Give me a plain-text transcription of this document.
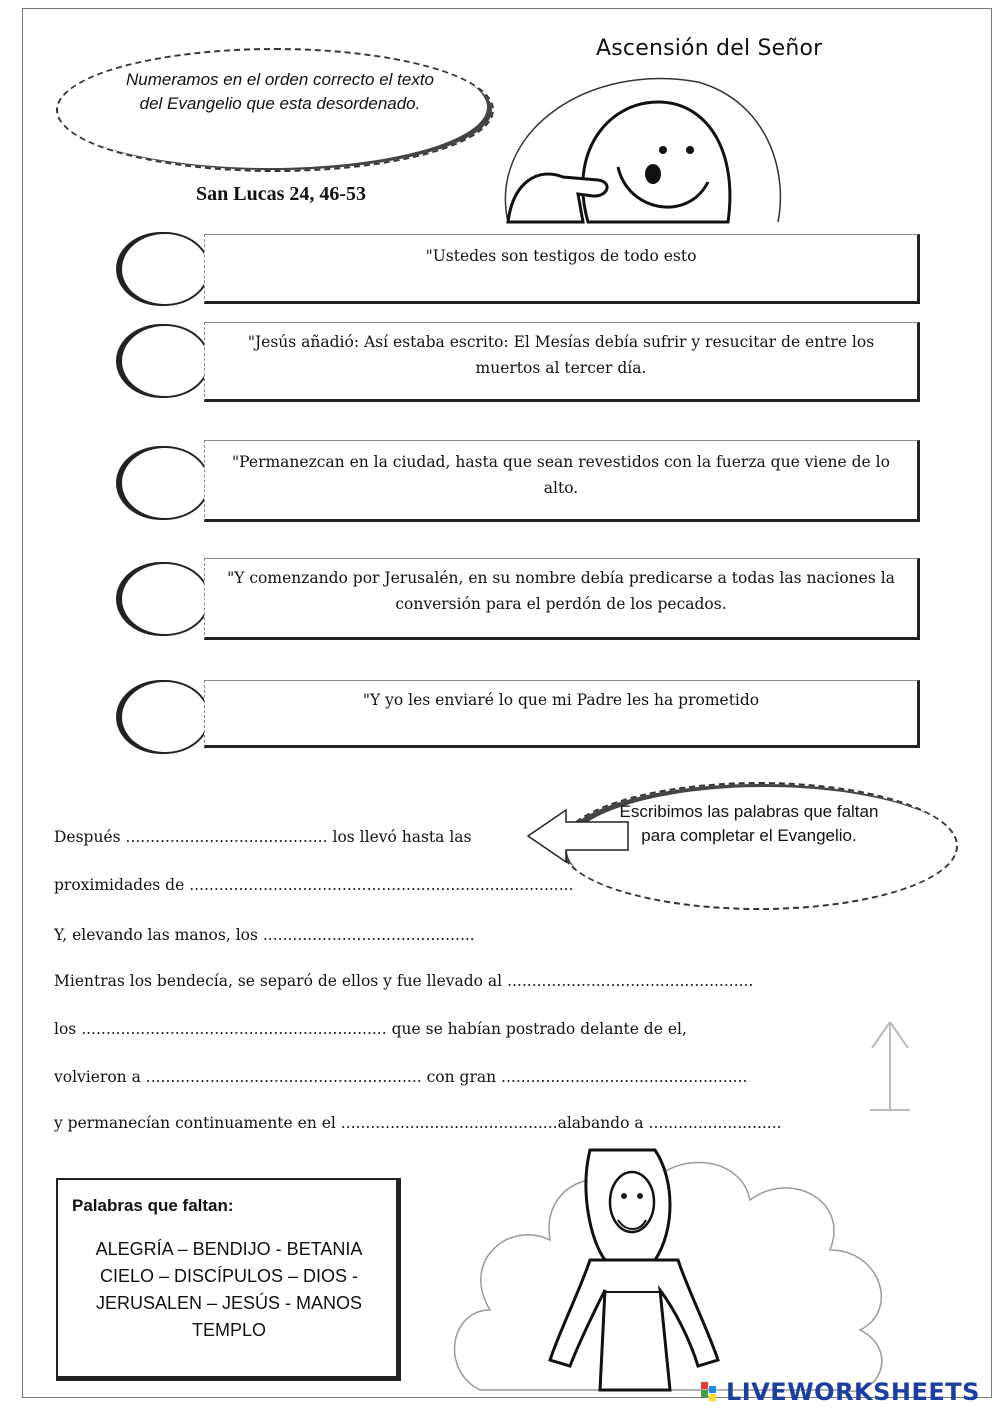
Ascensión del Señor
Numeramos en el orden correcto el texto del Evangelio que esta desordenado.
San Lucas 24, 46-53
"Ustedes son testigos de todo esto
"Jesús añadió: Así estaba escrito: El Mesías debía sufrir y resucitar de entre los muertos al tercer día.
"Permanezcan en la ciudad, hasta que sean revestidos con la fuerza que viene de lo alto.
"Y comenzando por Jerusalén, en su nombre debía predicarse a todas las naciones la conversión para el perdón de los pecados.
"Y yo les enviaré lo que mi Padre les ha prometido
Escribimos las palabras que faltan para completar el Evangelio.
Después ......................................... los llevó hasta las
proximidades de ..............................................................................
Y, elevando las manos, los ...........................................
Mientras los bendecía, se separó de ellos y fue llevado al ..................................................
los .............................................................. que se habían postrado delante de el,
volvieron a ........................................................ con gran ..................................................
y permanecían continuamente en el ............................................alabando a ...........................
Palabras que faltan:
ALEGRÍA – BENDIJO - BETANIA
CIELO – DISCÍPULOS – DIOS -
JERUSALEN – JESÚS - MANOS
TEMPLO
LIVEWORKSHEETS
